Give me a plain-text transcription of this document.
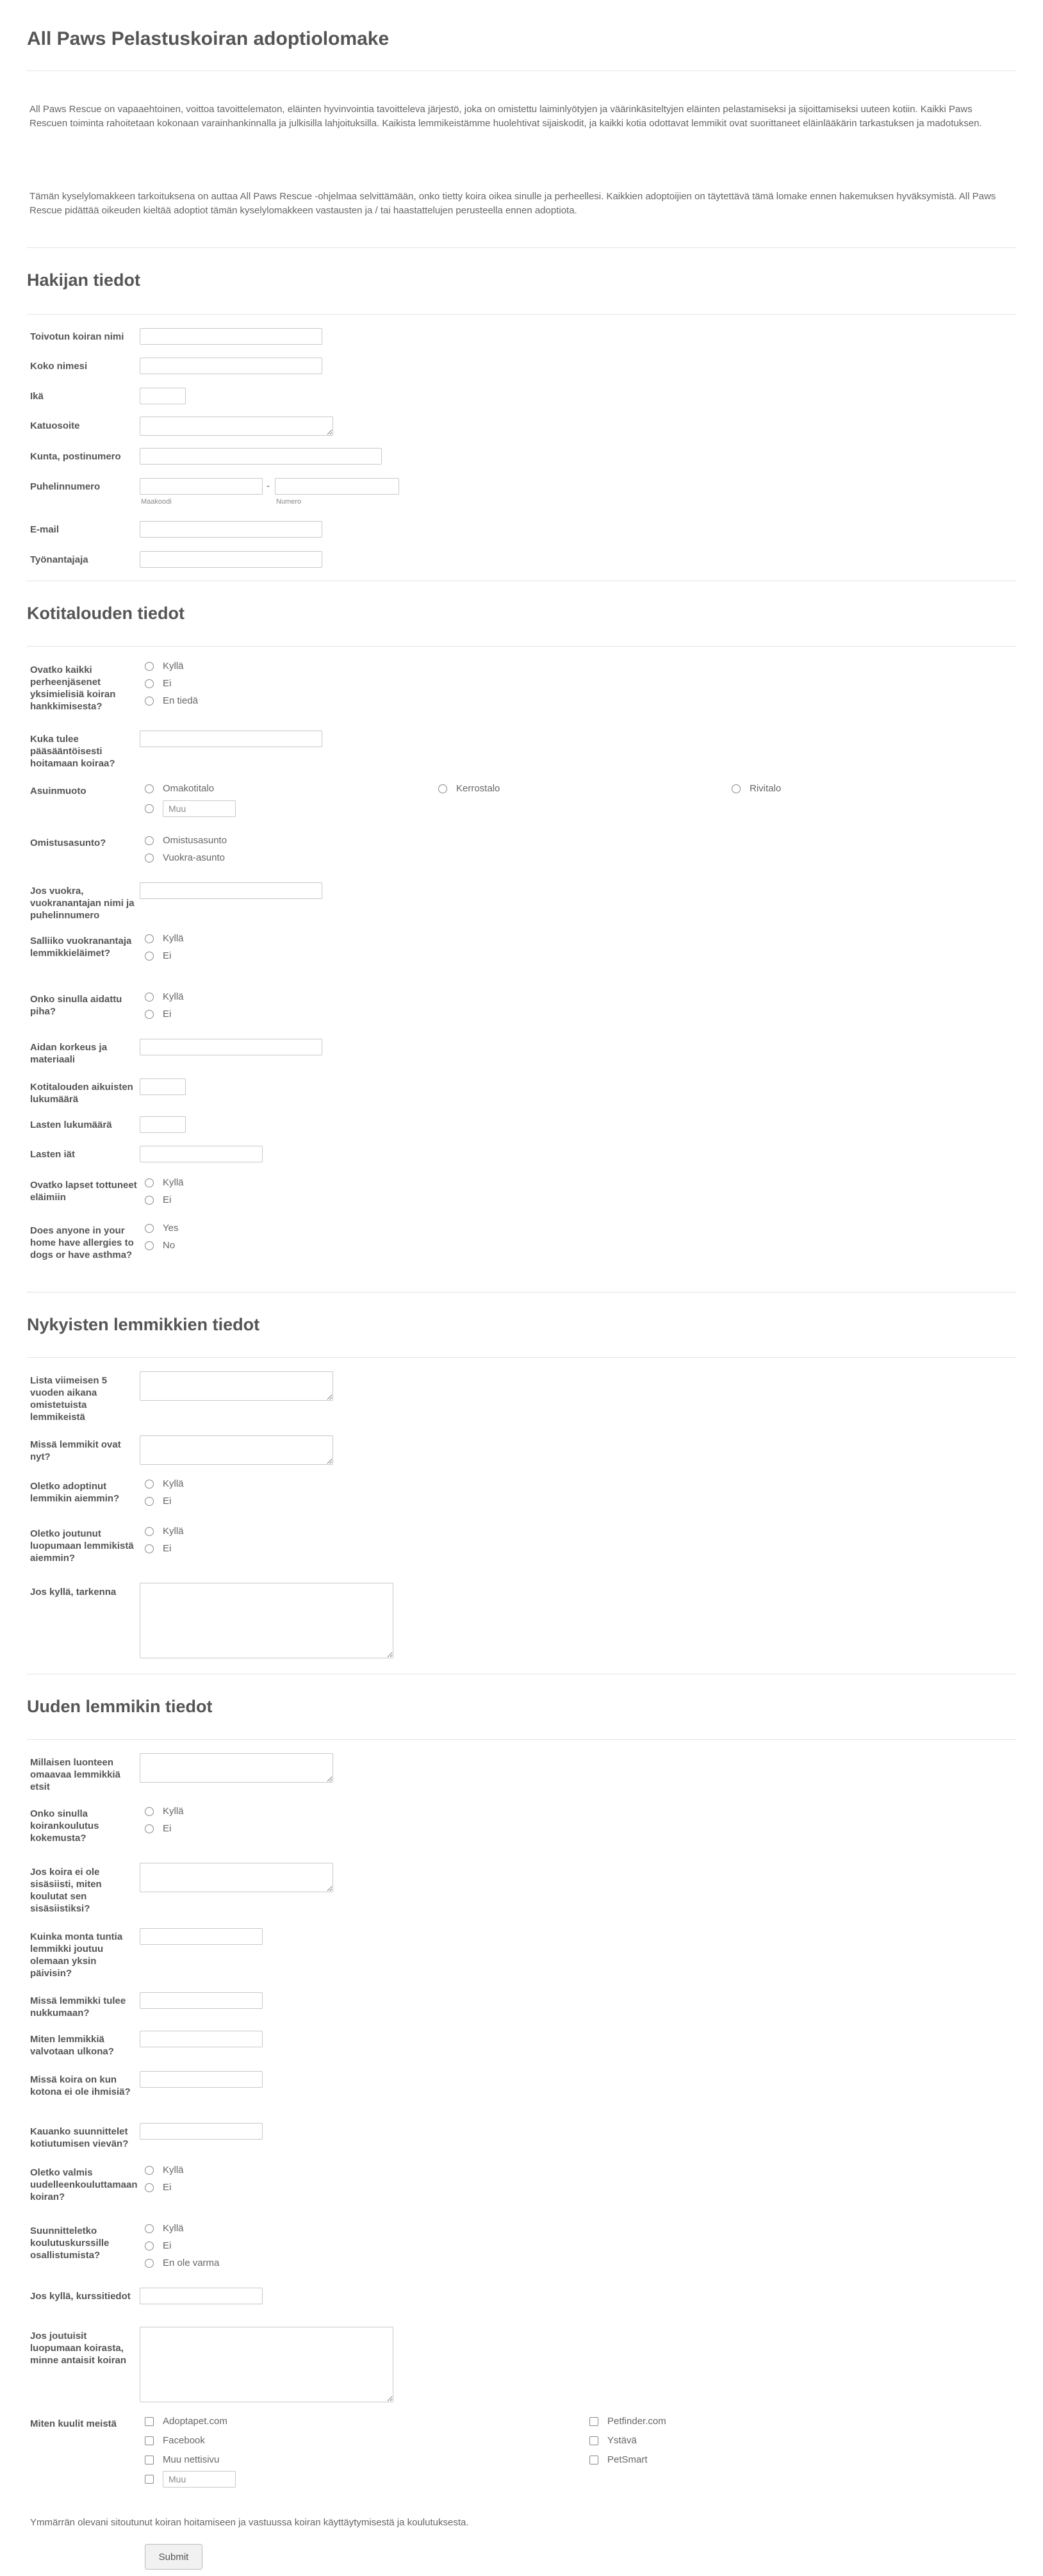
All Paws Pelastuskoiran adoptiolomake

All Paws Rescue on vapaaehtoinen, voittoa tavoittelematon, eläinten hyvinvointia tavoitteleva järjestö, joka on omistettu laiminlyötyjen ja väärinkäsiteltyjen eläinten pelastamiseksi ja sijoittamiseksi uuteen kotiin. Kaikki Paws Rescuen toiminta rahoitetaan kokonaan varainhankinnalla ja julkisilla lahjoituksilla. Kaikista lemmikeistämme huolehtivat sijaiskodit, ja kaikki kotia odottavat lemmikit ovat suorittaneet eläinlääkärin tarkastuksen ja madotuksen.

Tämän kyselylomakkeen tarkoituksena on auttaa All Paws Rescue -ohjelmaa selvittämään, onko tietty koira oikea sinulle ja perheellesi. Kaikkien adoptoijien on täytettävä tämä lomake ennen hakemuksen hyväksymistä. All Paws Rescue pidättää oikeuden kieltää adoptiot tämän kyselylomakkeen vastausten ja / tai haastattelujen perusteella ennen adoptiota.

Hakijan tiedot
Toivotun koiran nimi
Koko nimesi
Ikä
Katuosoite
Kunta, postinumero
Puhelinnumero	-
Maakoodi	Numero
E-mail
Työnantajaja
Kotitalouden tiedot
Ovatko kaikki perheenjäsenet yksimielisiä koiran hankkimisesta?
Kyllä
Ei
En tiedä
Kuka tulee pääsääntöisesti hoitamaan koiraa?
Asuinmuoto	Omakotitalo	Kerrostalo	Rivitalo
Muu
Omistusasunto?	Omistusasunto
Vuokra-asunto
Jos vuokra, vuokranantajan nimi ja puhelinnumero
Salliiko vuokranantaja lemmikkieläimet?
Kyllä
Ei
Onko sinulla aidattu piha?
Kyllä
Ei
Aidan korkeus ja materiaali
Kotitalouden aikuisten lukumäärä
Lasten lukumäärä
Lasten iät
Ovatko lapset tottuneet eläimiin
Kyllä
Ei
Does anyone in your home have allergies to dogs or have asthma?
Yes
No
Nykyisten lemmikkien tiedot
Lista viimeisen 5 vuoden aikana omistetuista lemmikeistä
Missä lemmikit ovat nyt?
Oletko adoptinut lemmikin aiemmin?
Kyllä
Ei
Oletko joutunut luopumaan lemmikistä aiemmin?
Kyllä
Ei
Jos kyllä, tarkenna
Uuden lemmikin tiedot
Millaisen luonteen omaavaa lemmikkiä etsit
Onko sinulla koirankoulutus kokemusta?
Kyllä
Ei
Jos koira ei ole sisäsiisti, miten koulutat sen sisäsiistiksi?
Kuinka monta tuntia lemmikki joutuu olemaan yksin päivisin?
Missä lemmikki tulee nukkumaan?
Miten lemmikkiä valvotaan ulkona?
Missä koira on kun kotona ei ole ihmisiä?
Kauanko suunnittelet kotiutumisen vievän?
Oletko valmis uudelleenkouluttamaan koiran?
Kyllä
Ei
Suunnitteletko koulutuskurssille osallistumista?
Kyllä
Ei
En ole varma
Jos kyllä, kurssitiedot
Jos joutuisit luopumaan koirasta, minne antaisit koiran
Miten kuulit meistä	Adoptapet.com	Petfinder.com
Facebook	Ystävä
Muu nettisivu	PetSmart
Muu
Ymmärrän olevani sitoutunut koiran hoitamiseen ja vastuussa koiran käyttäytymisestä ja koulutuksesta.
Submit
